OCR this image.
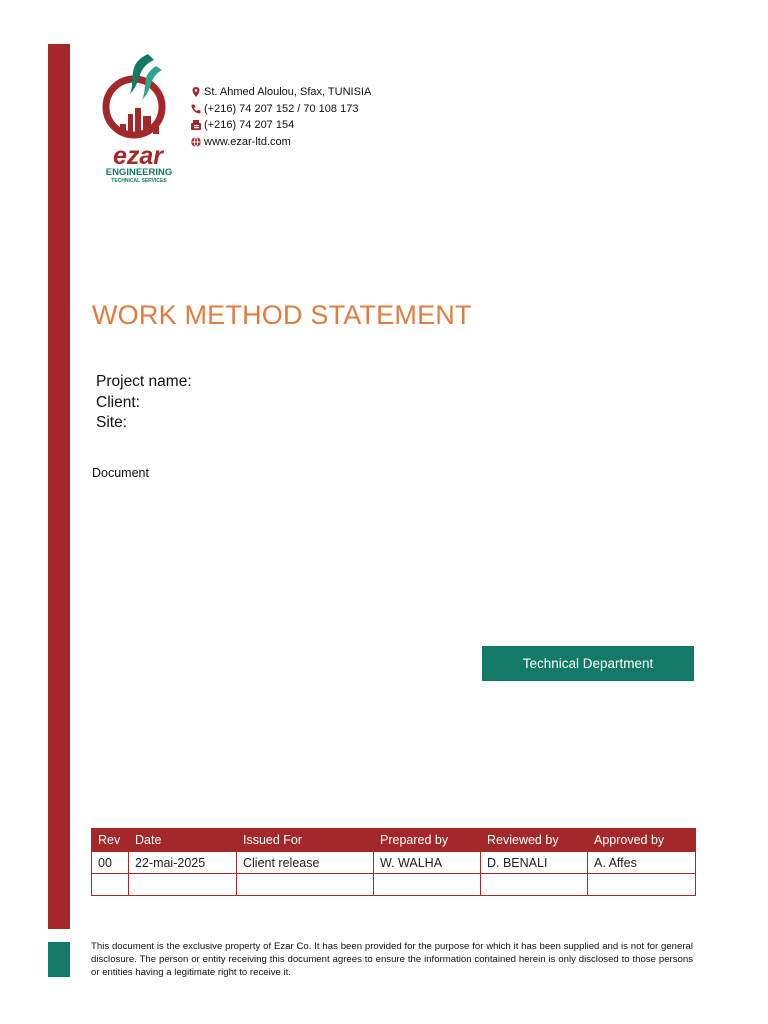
ezar
ENGINEERING
TECHNICAL SERVICES
St. Ahmed Aloulou, Sfax, TUNISIA
(+216) 74 207 152 / 70 108 173
(+216) 74 207 154
www.ezar-ltd.com
WORK METHOD STATEMENT
Project name:
Client:
Site:
Document
Technical Department
Rev	Date	Issued For	Prepared by	Reviewed by	Approved by
00	22-mai-2025	Client release	W. WALHA	D. BENALI	A. Affes

This document is the exclusive property of Ezar Co. It has been provided for the purpose for which it has been supplied and is not for general disclosure. The person or entity receiving this document agrees to ensure the information contained herein is only disclosed to those persons or entities having a legitimate right to receive it.
